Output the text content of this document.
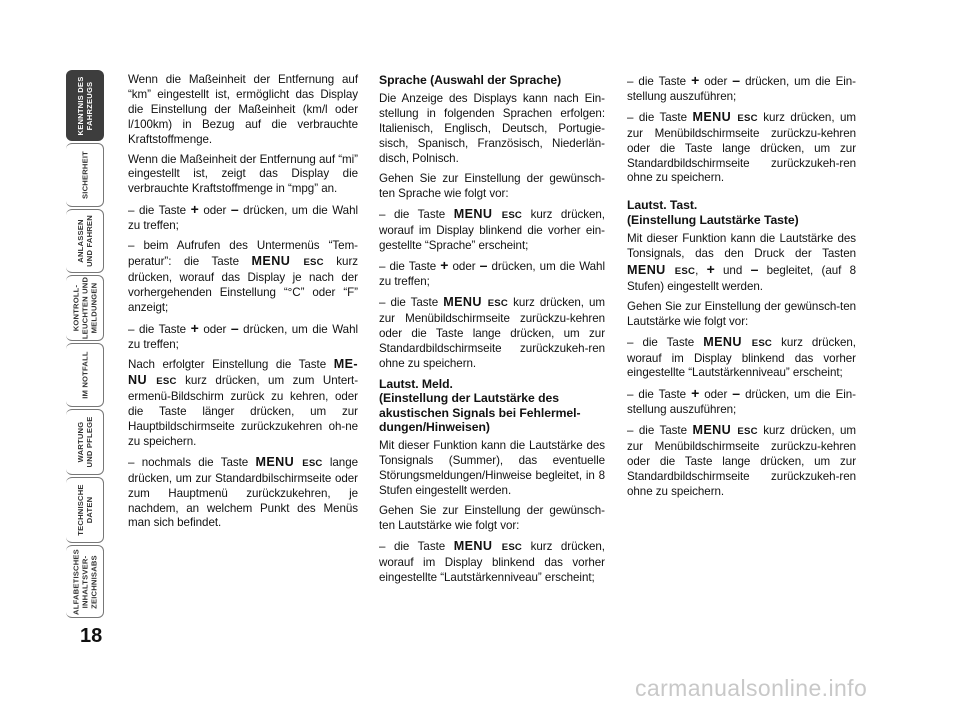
KENNTNIS DES
FAHRZEUGS
SICHERHEIT
ANLASSEN
UND FAHREN
KONTROLL-
LEUCHTEN UND
MELDUNGEN
IM NOTFALL
WARTUNG
UND PFLEGE
TECHNISCHE
DATEN
ALFABETISCHES
INHALTSVER-
ZEICHNISABS
18

Wenn die Maßeinheit der Entfernung auf “km” eingestellt ist, ermöglicht das Display die Einstellung der Maßeinheit (km/l oder l/100km) in Bezug auf die verbrauchte Kraftstoffmenge.

Wenn die Maßeinheit der Entfernung auf “mi” eingestellt ist, zeigt das Display die verbrauchte Kraftstoffmenge in “mpg” an.

– die Taste + oder – drücken, um die Wahl zu treffen;

– beim Aufrufen des Untermenüs “Tem-peratur”: die Taste MENU ESC kurz drücken, worauf das Display je nach der vorhergehenden Einstellung “°C” oder “F” anzeigt;

– die Taste + oder – drücken, um die Wahl zu treffen;

Nach erfolgter Einstellung die Taste ME- NU ESC kurz drücken, um zum Untert-ermenü-Bildschirm zurück zu kehren, oder die Taste länger drücken, um zur Hauptbildschirmseite zurückzukehren oh-ne zu speichern.

– nochmals die Taste MENU ESC lange drücken, um zur Standardbilschirmseite oder zum Hauptmenü zurückzukehren, je nachdem, an welchem Punkt des Menüs man sich befindet.

Sprache (Auswahl der Sprache)

Die Anzeige des Displays kann nach Ein-stellung in folgenden Sprachen erfolgen: Italienisch, Englisch, Deutsch, Portugie-sisch, Spanisch, Französisch, Niederlän-disch, Polnisch.

Gehen Sie zur Einstellung der gewünsch-ten Sprache wie folgt vor:

– die Taste MENU ESC kurz drücken, worauf im Display blinkend die vorher ein-gestellte “Sprache” erscheint;

– die Taste + oder – drücken, um die Wahl zu treffen;

– die Taste MENU ESC kurz drücken, um zur Menübildschirmseite zurückzu-kehren oder die Taste lange drücken, um zur Standardbildschirmseite zurückzukeh-ren ohne zu speichern.

Lautst. Meld.
(Einstellung der Lautstärke des akustischen Signals bei Fehlermel-dungen/Hinweisen)

Mit dieser Funktion kann die Lautstärke des Tonsignals (Summer), das eventuelle Störungsmeldungen/Hinweise begleitet, in 8 Stufen eingestellt werden.

Gehen Sie zur Einstellung der gewünsch-ten Lautstärke wie folgt vor:

– die Taste MENU ESC kurz drücken, worauf im Display blinkend das vorher eingestellte “Lautstärkenniveau” erscheint;

– die Taste + oder – drücken, um die Ein-stellung auszuführen;

– die Taste MENU ESC kurz drücken, um zur Menübildschirmseite zurückzu-kehren oder die Taste lange drücken, um zur Standardbildschirmseite zurückzukeh-ren ohne zu speichern.

Lautst. Tast.
(Einstellung Lautstärke Taste)

Mit dieser Funktion kann die Lautstärke des Tonsignals, das den Druck der Tasten MENU ESC, + und – begleitet, (auf 8 Stufen) eingestellt werden.

Gehen Sie zur Einstellung der gewünsch-ten Lautstärke wie folgt vor:

– die Taste MENU ESC kurz drücken, worauf im Display blinkend das vorher eingestellte “Lautstärkenniveau” erscheint;

– die Taste + oder – drücken, um die Ein-stellung auszuführen;

– die Taste MENU ESC kurz drücken, um zur Menübildschirmseite zurückzu-kehren oder die Taste lange drücken, um zur Standardbildschirmseite zurückzukeh-ren ohne zu speichern.

carmanualsonline.info
